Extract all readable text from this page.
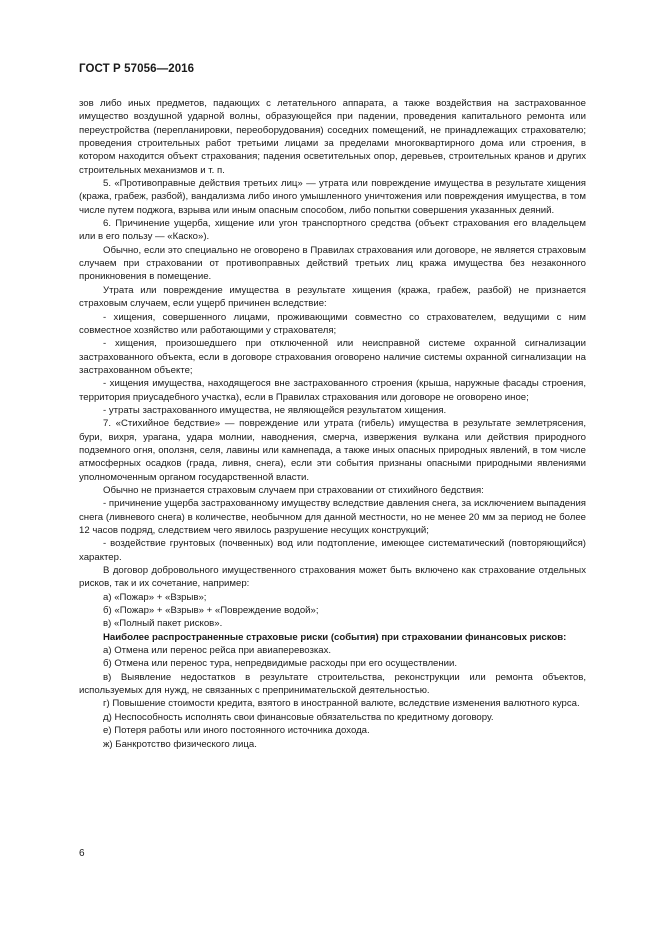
ГОСТ Р 57056—2016

зов либо иных предметов, падающих с летательного аппарата, а также воздействия на застрахованное имущество воздушной ударной волны, образующейся при падении, проведения капитального ремонта или переустройства (перепланировки, переоборудования) соседних помещений, не принадлежащих страхователю; проведения строительных работ третьими лицами за пределами многоквартирного дома или строения, в котором находится объект страхования; падения осветительных опор, деревьев, строительных кранов и других строительных механизмов и т. п.

5. «Противоправные действия третьих лиц» — утрата или повреждение имущества в результате хищения (кража, грабеж, разбой), вандализма либо иного умышленного уничтожения или повреждения имущества, в том числе путем поджога, взрыва или иным опасным способом, либо попытки совершения указанных деяний.

6. Причинение ущерба, хищение или угон транспортного средства (объект страхования его владельцем или в его пользу — «Каско»).

Обычно, если это специально не оговорено в Правилах страхования или договоре, не является страховым случаем при страховании от противоправных действий третьих лиц кража имущества без незаконного проникновения в помещение.

Утрата или повреждение имущества в результате хищения (кража, грабеж, разбой) не признается страховым случаем, если ущерб причинен вследствие:

- хищения, совершенного лицами, проживающими совместно со страхователем, ведущими с ним совместное хозяйство или работающими у страхователя;

- хищения, произошедшего при отключенной или неисправной системе охранной сигнализации застрахованного объекта, если в договоре страхования оговорено наличие системы охранной сигнализации на застрахованном объекте;

- хищения имущества, находящегося вне застрахованного строения (крыша, наружные фасады строения, территория приусадебного участка), если в Правилах страхования или договоре не оговорено иное;

- утраты застрахованного имущества, не являющейся результатом хищения.

7. «Стихийное бедствие» — повреждение или утрата (гибель) имущества в результате землетрясения, бури, вихря, урагана, удара молнии, наводнения, смерча, извержения вулкана или действия природного подземного огня, оползня, селя, лавины или камнепада, а также иных опасных природных явлений, в том числе атмосферных осадков (града, ливня, снега), если эти события признаны опасными природными явлениями уполномоченным органом государственной власти.

Обычно не признается страховым случаем при страховании от стихийного бедствия:

- причинение ущерба застрахованному имуществу вследствие давления снега, за исключением выпадения снега (ливневого снега) в количестве, необычном для данной местности, но не менее 20 мм за период не более 12 часов подряд, следствием чего явилось разрушение несущих конструкций;

- воздействие грунтовых (почвенных) вод или подтопление, имеющее систематический (повторяющийся) характер.

В договор добровольного имущественного страхования может быть включено как страхование отдельных рисков, так и их сочетание, например:

а) «Пожар» + «Взрыв»;

б) «Пожар» + «Взрыв» + «Повреждение водой»;

в) «Полный пакет рисков».

Наиболее распространенные страховые риски (события) при страховании финансовых рисков:

а) Отмена или перенос рейса при авиаперевозках.

б) Отмена или перенос тура, непредвидимые расходы при его осуществлении.

в) Выявление недостатков в результате строительства, реконструкции или ремонта объектов, используемых для нужд, не связанных с препринимательской деятельностью.

г) Повышение стоимости кредита, взятого в иностранной валюте, вследствие изменения валютного курса.

д) Неспособность исполнять свои финансовые обязательства по кредитному договору.

е) Потеря работы или иного постоянного источника дохода.

ж) Банкротство физического лица.

6
